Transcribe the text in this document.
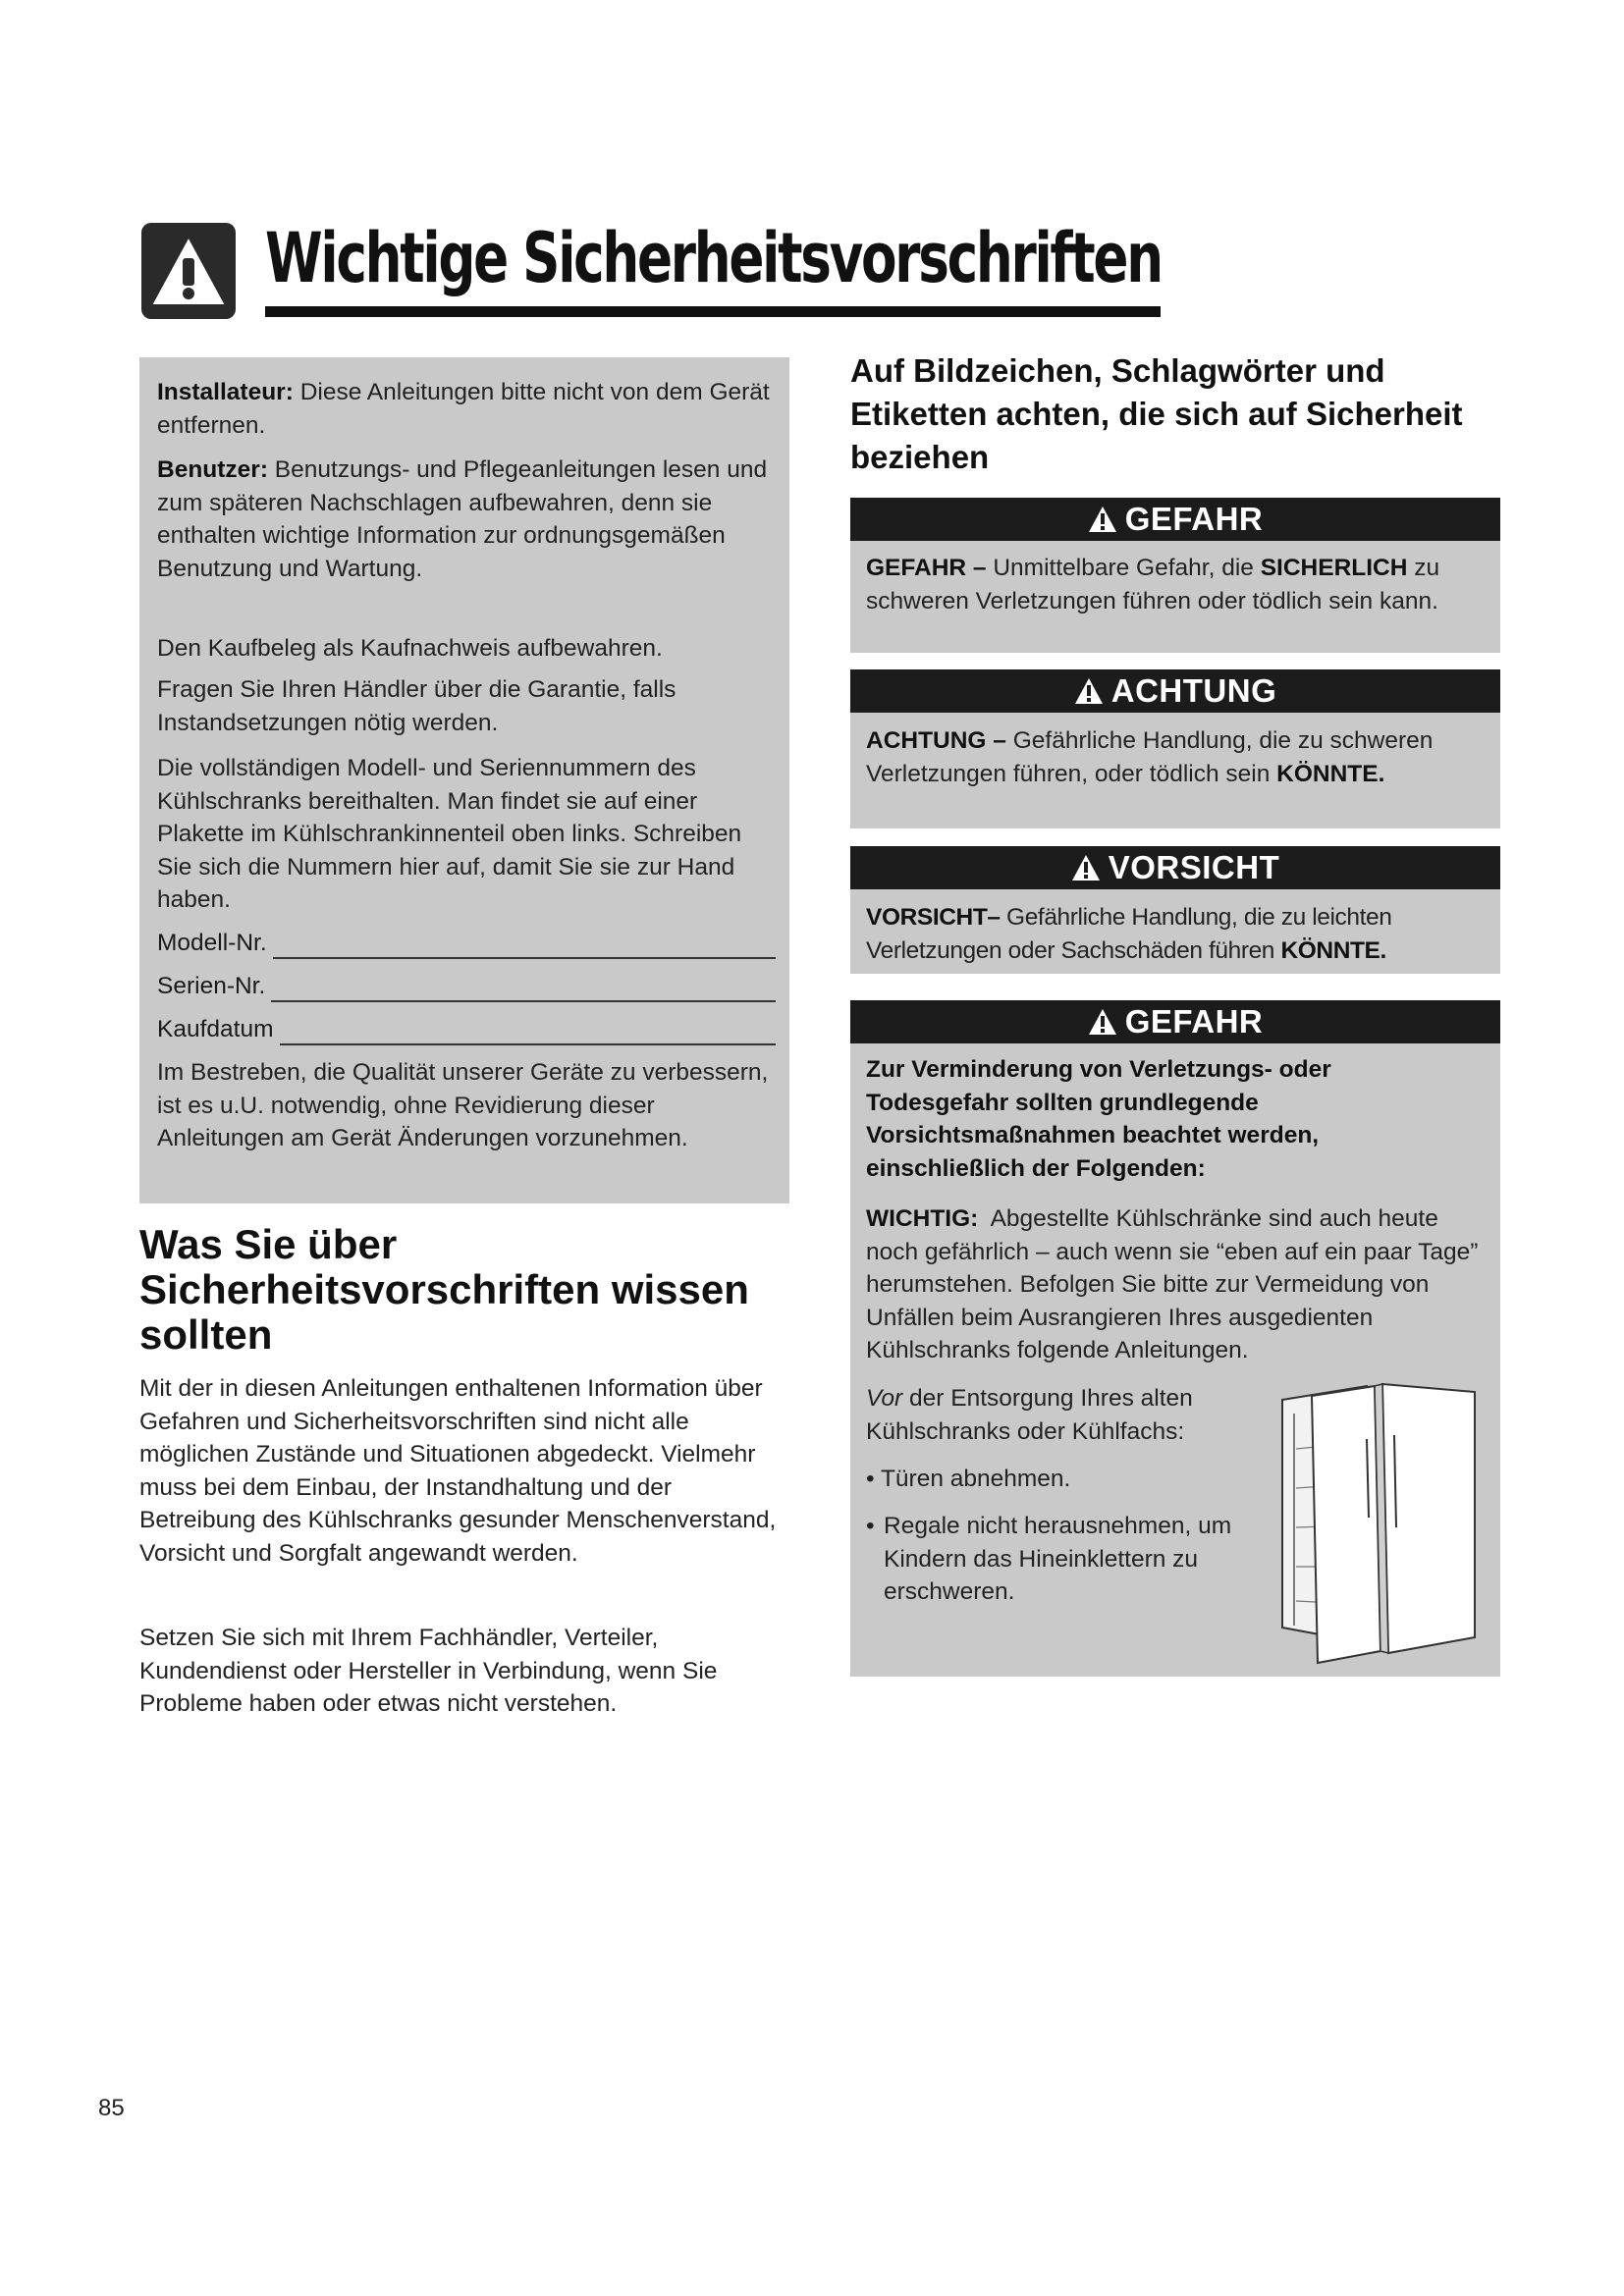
Wichtige Sicherheitsvorschriften

Installateur: Diese Anleitungen bitte nicht von dem Gerät entfernen.

Benutzer: Benutzungs- und Pflegeanleitungen lesen und zum späteren Nachschlagen aufbewahren, denn sie enthalten wichtige Information zur ordnungsgemäßen Benutzung und Wartung.

Den Kaufbeleg als Kaufnachweis aufbewahren.

Fragen Sie Ihren Händler über die Garantie, falls Instandsetzungen nötig werden.

Die vollständigen Modell- und Seriennummern des Kühlschranks bereithalten. Man findet sie auf einer Plakette im Kühlschrankinnenteil oben links. Schreiben Sie sich die Nummern hier auf, damit Sie sie zur Hand haben.

Modell-Nr.
Serien-Nr.
Kaufdatum

Im Bestreben, die Qualität unserer Geräte zu verbessern, ist es u.U. notwendig, ohne Revidierung dieser Anleitungen am Gerät Änderungen vorzunehmen.

Was Sie über Sicherheitsvorschriften wissen sollten

Mit der in diesen Anleitungen enthaltenen Information über Gefahren und Sicherheitsvorschriften sind nicht alle möglichen Zustände und Situationen abgedeckt. Vielmehr muss bei dem Einbau, der Instandhaltung und der Betreibung des Kühlschranks gesunder Menschenverstand, Vorsicht und Sorgfalt angewandt werden.

Setzen Sie sich mit Ihrem Fachhändler, Verteiler, Kundendienst oder Hersteller in Verbindung, wenn Sie Probleme haben oder etwas nicht verstehen.

Auf Bildzeichen, Schlagwörter und Etiketten achten, die sich auf Sicherheit beziehen
GEFAHR

GEFAHR – Unmittelbare Gefahr, die SICHERLICH zu schweren Verletzungen führen oder tödlich sein kann.

ACHTUNG

ACHTUNG – Gefährliche Handlung, die zu schweren Verletzungen führen, oder tödlich sein KÖNNTE.

VORSICHT

VORSICHT– Gefährliche Handlung, die zu leichten Verletzungen oder Sachschäden führen KÖNNTE.

GEFAHR

Zur Verminderung von Verletzungs- oder Todesgefahr sollten grundlegende Vorsichtsmaßnahmen beachtet werden, einschließlich der Folgenden:

WICHTIG: Abgestellte Kühlschränke sind auch heute noch gefährlich – auch wenn sie “eben auf ein paar Tage” herumstehen. Befolgen Sie bitte zur Vermeidung von Unfällen beim Ausrangieren Ihres ausgedienten Kühlschranks folgende Anleitungen.

Vor der Entsorgung Ihres alten Kühlschranks oder Kühlfachs:

• Türen abnehmen.

• Regale nicht herausnehmen, um Kindern das Hineinklettern zu erschweren.
85
